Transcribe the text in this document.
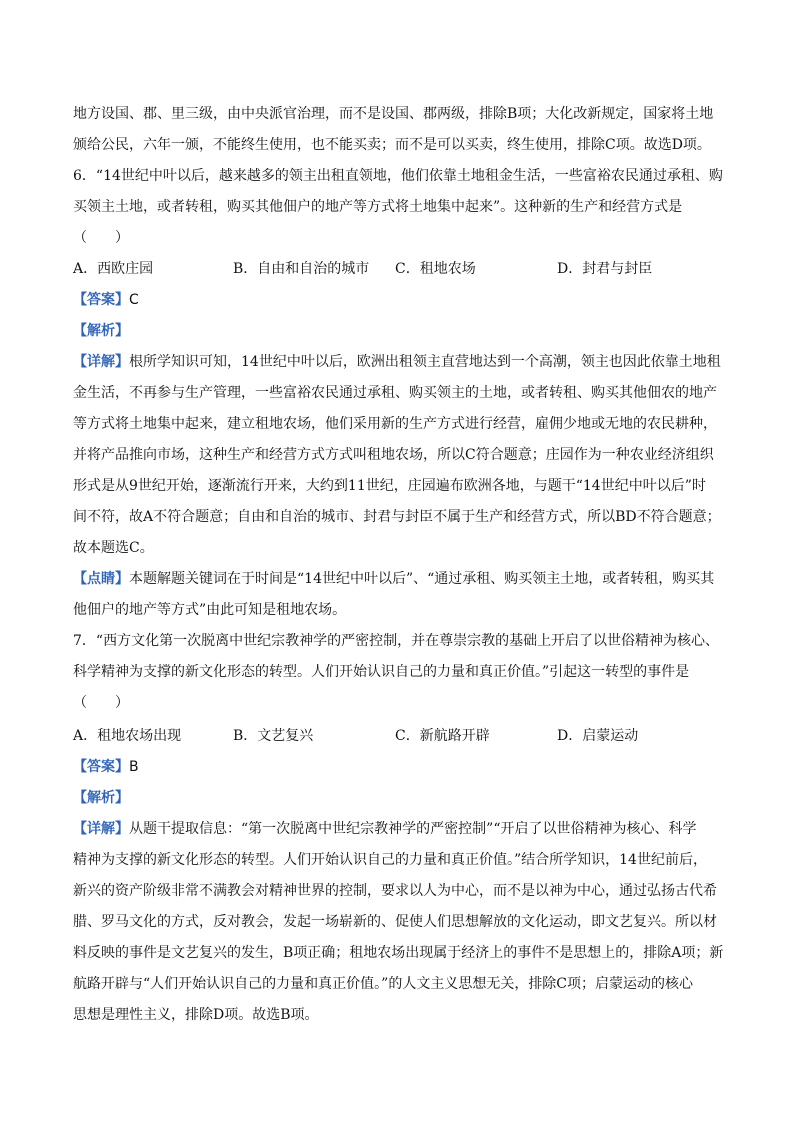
地方设国、郡、里三级，由中央派官治理，而不是设国、郡两级，排除B项；大化改新规定，国家将土地
颁给公民，六年一颁，不能终生使用，也不能买卖；而不是可以买卖，终生使用，排除C项。故选D项。
6．“14世纪中叶以后，越来越多的领主出租直领地，他们依靠土地租金生活，一些富裕农民通过承租、购
买领主土地，或者转租，购买其他佃户的地产等方式将土地集中起来”。这种新的生产和经营方式是
（　　）
A．西欧庄园	B．自由和自治的城市 C．租地农场	D．封君与封臣
【答案】C
【解析】
【详解】根所学知识可知，14世纪中叶以后，欧洲出租领主直营地达到一个高潮，领主也因此依靠土地租
金生活，不再参与生产管理，一些富裕农民通过承租、购买领主的土地，或者转租、购买其他佃农的地产
等方式将土地集中起来，建立租地农场，他们采用新的生产方式进行经营，雇佣少地或无地的农民耕种，
并将产品推向市场，这种生产和经营方式方式叫租地农场，所以C符合题意；庄园作为一种农业经济组织
形式是从9世纪开始，逐渐流行开来，大约到11世纪，庄园遍布欧洲各地，与题干“14世纪中叶以后”时
间不符，故A不符合题意；自由和自治的城市、封君与封臣不属于生产和经营方式，所以BD不符合题意；
故本题选C。
【点睛】本题解题关键词在于时间是“14世纪中叶以后”、“通过承租、购买领主土地，或者转租，购买其
他佃户的地产等方式”由此可知是租地农场。
7．“西方文化第一次脱离中世纪宗教神学的严密控制，并在尊崇宗教的基础上开启了以世俗精神为核心、
科学精神为支撑的新文化形态的转型。人们开始认识自己的力量和真正价值。”引起这一转型的事件是
（　　）
A．租地农场出现	B．文艺复兴	C．新航路开辟	D．启蒙运动
【答案】B
【解析】
【详解】从题干提取信息：“第一次脱离中世纪宗教神学的严密控制”“开启了以世俗精神为核心、科学
精神为支撑的新文化形态的转型。人们开始认识自己的力量和真正价值。”结合所学知识，14世纪前后，
新兴的资产阶级非常不满教会对精神世界的控制，要求以人为中心，而不是以神为中心，通过弘扬古代希
腊、罗马文化的方式，反对教会，发起一场崭新的、促使人们思想解放的文化运动，即文艺复兴。所以材
料反映的事件是文艺复兴的发生，B项正确；租地农场出现属于经济上的事件不是思想上的，排除A项；新
航路开辟与“人们开始认识自己的力量和真正价值。”的人文主义思想无关，排除C项；启蒙运动的核心
思想是理性主义，排除D项。故选B项。
